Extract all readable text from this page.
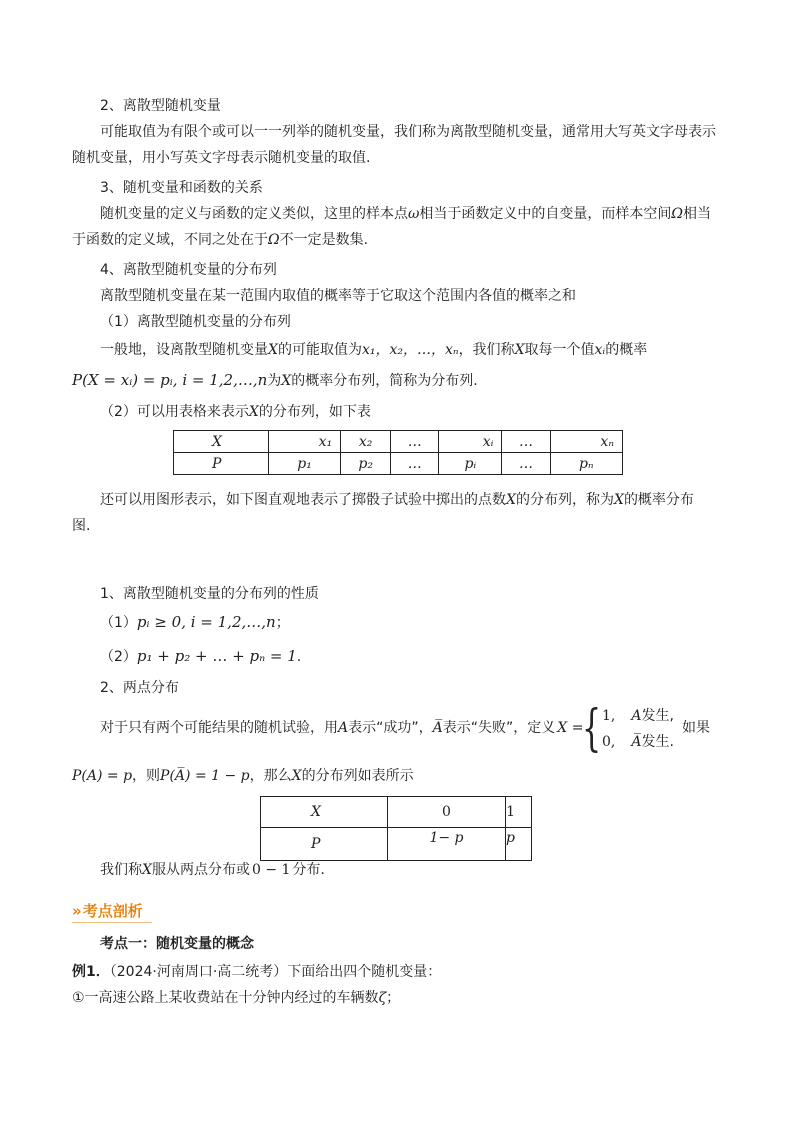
2、离散型随机变量
可能取值为有限个或可以一一列举的随机变量，我们称为离散型随机变量，通常用大写英文字母表示
随机变量，用小写英文字母表示随机变量的取值.
3、随机变量和函数的关系
随机变量的定义与函数的定义类似，这里的样本点ω相当于函数定义中的自变量，而样本空间Ω相当
于函数的定义域，不同之处在于Ω不一定是数集.
4、离散型随机变量的分布列
离散型随机变量在某一范围内取值的概率等于它取这个范围内各值的概率之和
（1）离散型随机变量的分布列
一般地，设离散型随机变量X的可能取值为x₁，x₂，…，xₙ，我们称X取每一个值xᵢ的概率
P(X = xᵢ) = pᵢ, i = 1,2,…,n为X的概率分布列，简称为分布列.
（2）可以用表格来表示X的分布列，如下表
X	x₁	x₂	…	xᵢ	…	xₙ
P	p₁	p₂	…	pᵢ	…	pₙ
还可以用图形表示，如下图直观地表示了掷骰子试验中掷出的点数X的分布列，称为X的概率分布
图.
1、离散型随机变量的分布列的性质
（1）pᵢ ≥ 0, i = 1,2,…,n；
（2）p₁ + p₂ + … + pₙ = 1.
2、两点分布
对于只有两个可能结果的随机试验，用A表示“成功”，A̅表示“失败”，定义 X =
{ 1, A发生,
0, A̅发生.
如果
P(A) = p，则P(A̅) = 1 − p，那么X的分布列如表所示
X	0	1
P	1− p	p
我们称X服从两点分布或 0 − 1 分布.
» 考点剖析
考点一：随机变量的概念
例1．（2024·河南周口·高二统考）下面给出四个随机变量：
①一高速公路上某收费站在十分钟内经过的车辆数ζ；
